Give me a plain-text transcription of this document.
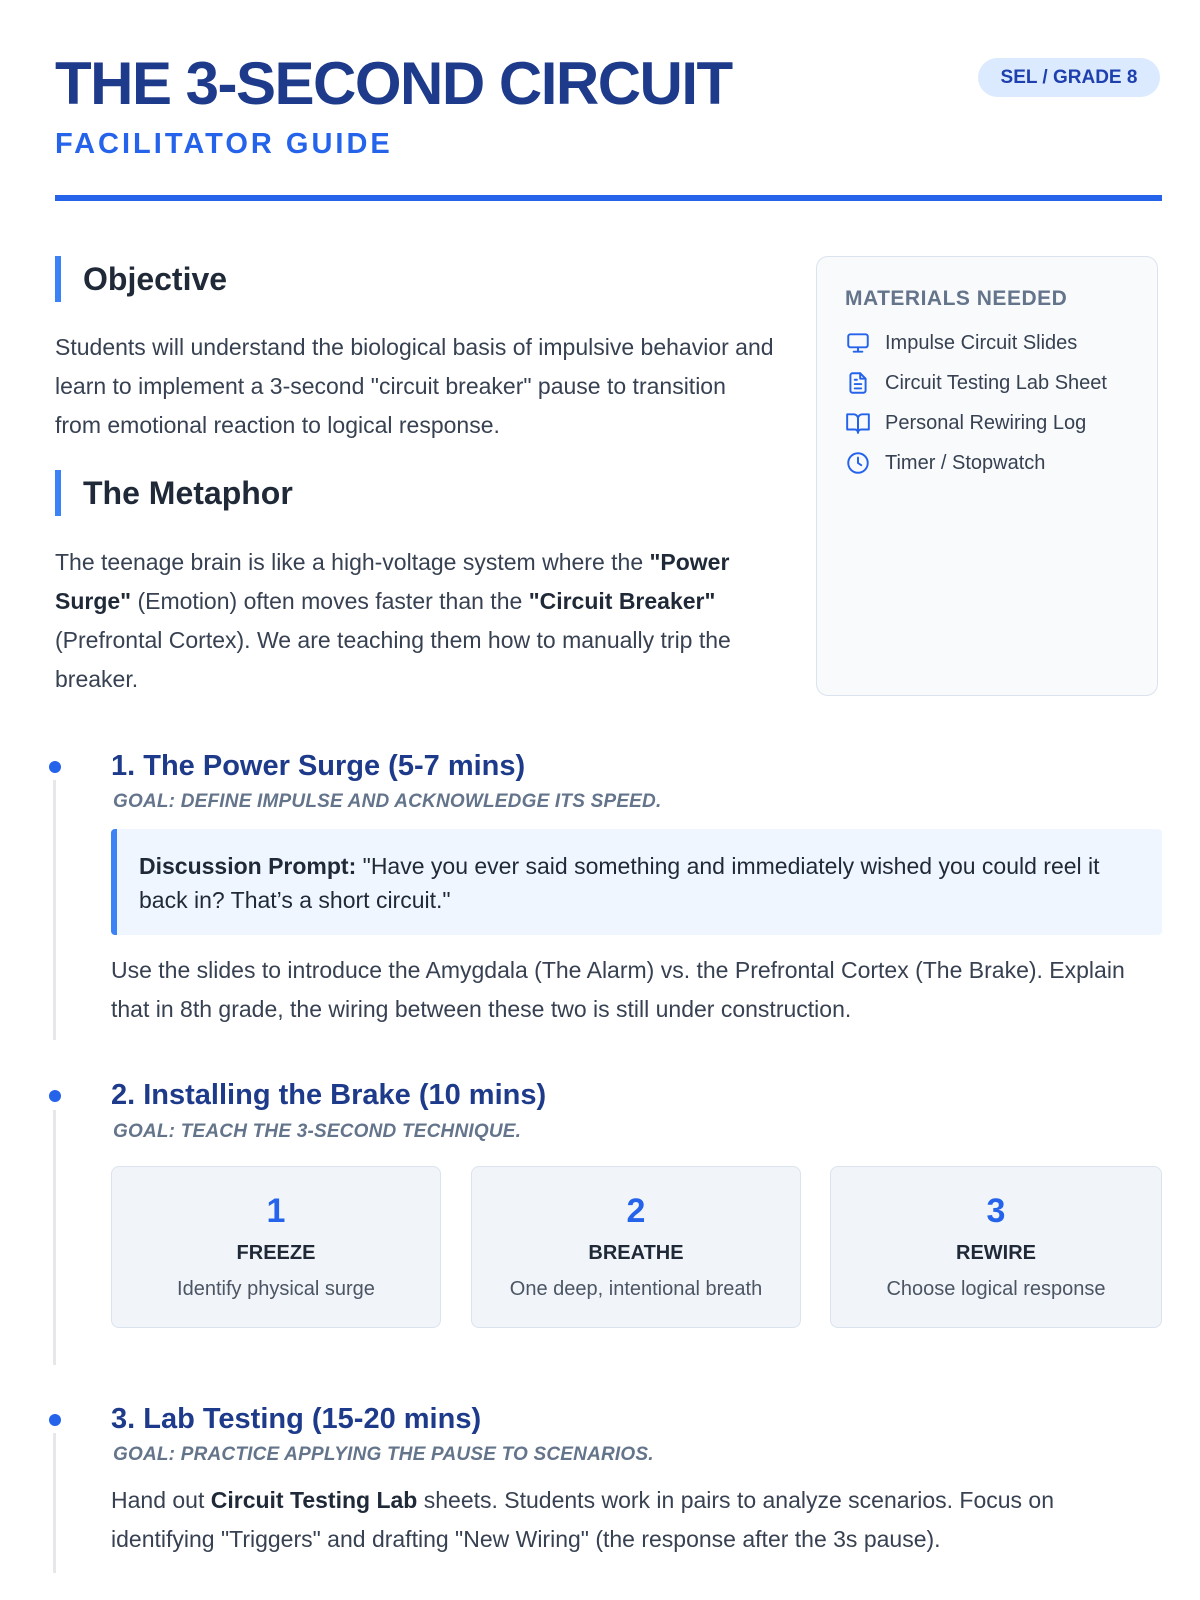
THE 3-SECOND CIRCUIT
FACILITATOR GUIDE
SEL / GRADE 8
Objective
Students will understand the biological basis of impulsive behavior and learn to implement a 3-second "circuit breaker" pause to transition from emotional reaction to logical response.
The Metaphor
The teenage brain is like a high-voltage system where the "Power Surge" (Emotion) often moves faster than the "Circuit Breaker" (Prefrontal Cortex). We are teaching them how to manually trip the breaker.
MATERIALS NEEDED
Impulse Circuit Slides
Circuit Testing Lab Sheet
Personal Rewiring Log
Timer / Stopwatch
1. The Power Surge (5-7 mins)
GOAL: DEFINE IMPULSE AND ACKNOWLEDGE ITS SPEED.
Discussion Prompt: "Have you ever said something and immediately wished you could reel it back in? That’s a short circuit."
Use the slides to introduce the Amygdala (The Alarm) vs. the Prefrontal Cortex (The Brake). Explain that in 8th grade, the wiring between these two is still under construction.
2. Installing the Brake (10 mins)
GOAL: TEACH THE 3-SECOND TECHNIQUE.
1
FREEZE
Identify physical surge
2
BREATHE
One deep, intentional breath
3
REWIRE
Choose logical response
3. Lab Testing (15-20 mins)
GOAL: PRACTICE APPLYING THE PAUSE TO SCENARIOS.
Hand out Circuit Testing Lab sheets. Students work in pairs to analyze scenarios. Focus on identifying "Triggers" and drafting "New Wiring" (the response after the 3s pause).
